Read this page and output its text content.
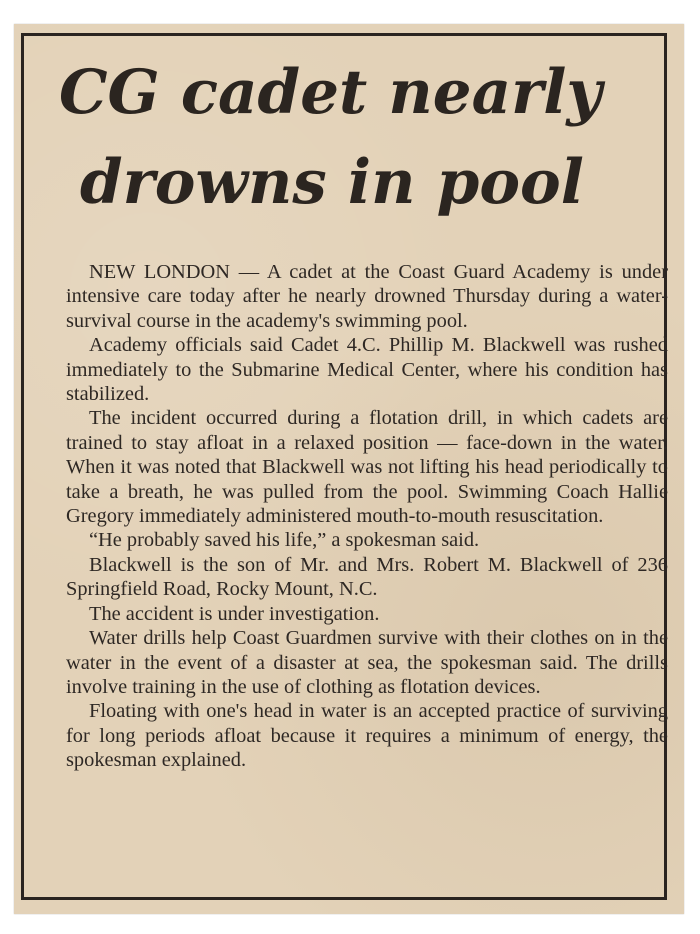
CG cadet nearly
drowns in pool

NEW LONDON — A cadet at the Coast Guard Academy is under intensive care today after he nearly drowned Thursday during a water-survival course in the academy's swimming pool.

Academy officials said Cadet 4.C. Phillip M. Blackwell was rushed immediately to the Submarine Medical Center, where his condition has stabilized.

The incident occurred during a flotation drill, in which cadets are trained to stay afloat in a relaxed position — face-down in the water. When it was noted that Blackwell was not lifting his head periodically to take a breath, he was pulled from the pool. Swimming Coach Hallie Gregory immediately administered mouth-to-mouth resuscitation.

“He probably saved his life,” a spokesman said.

Blackwell is the son of Mr. and Mrs. Robert M. Blackwell of 236 Springfield Road, Rocky Mount, N.C.

The accident is under investigation.

Water drills help Coast Guardmen survive with their clothes on in the water in the event of a disaster at sea, the spokesman said. The drills involve training in the use of clothing as flotation devices.

Floating with one's head in water is an accepted practice of surviving for long periods afloat because it requires a minimum of energy, the spokesman explained.
